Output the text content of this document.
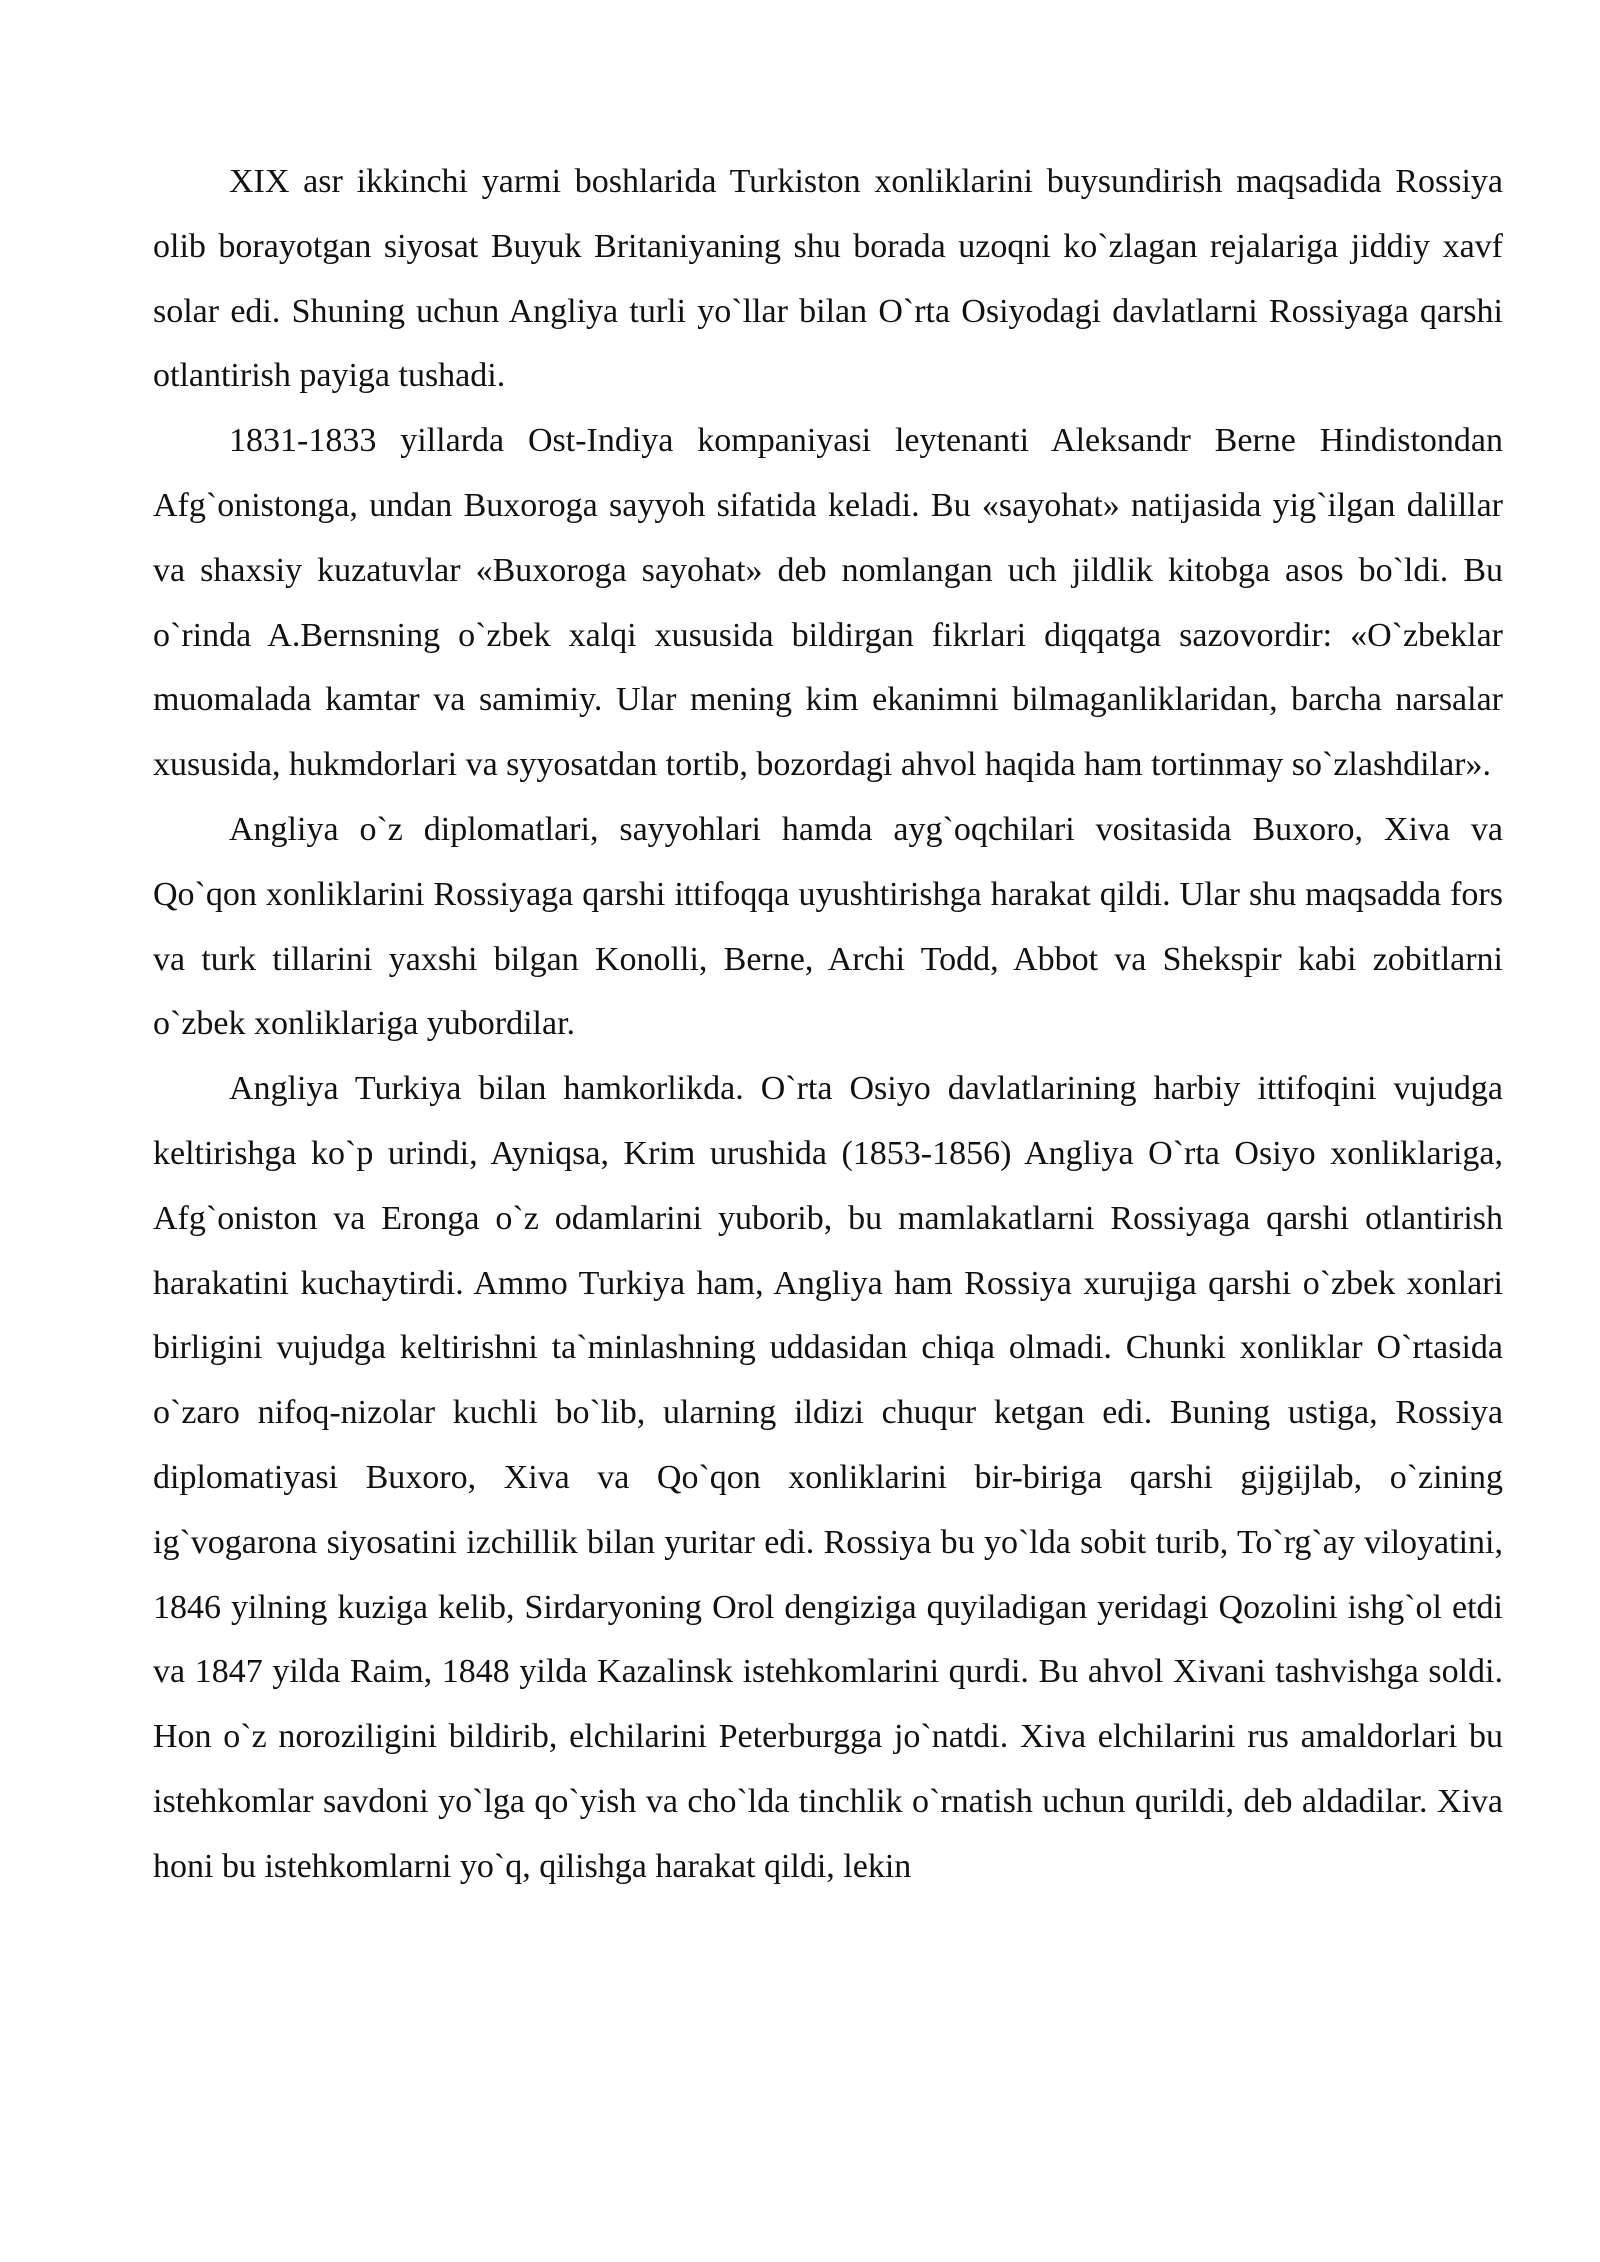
XIX asr ikkinchi yarmi boshlarida Turkiston xonliklarini buysundirish maqsadida Rossiya olib borayotgan siyosat Buyuk Britaniyaning shu borada uzoqni ko`zlagan rejalariga jiddiy xavf solar edi. Shuning uchun Angliya turli yo`llar bilan O`rta Osiyodagi davlatlarni Rossiyaga qarshi otlantirish payiga tushadi.

1831-1833 yillarda Ost-Indiya kompaniyasi leytenanti Aleksandr Berne Hindistondan Afg`onistonga, undan Buxoroga sayyoh sifatida keladi. Bu «sayohat» natijasida yig`ilgan dalillar va shaxsiy kuzatuvlar «Buxoroga sayohat» deb nomlangan uch jildlik kitobga asos bo`ldi. Bu o`rinda A.Bernsning o`zbek xalqi xususida bildirgan fikrlari diqqatga sazovordir: «O`zbeklar muomalada kamtar va samimiy. Ular mening kim ekanimni bilmaganliklaridan, barcha narsalar xususida, hukmdorlari va syyosatdan tortib, bozordagi ahvol haqida ham tortinmay so`zlashdilar».

Angliya o`z diplomatlari, sayyohlari hamda ayg`oqchilari vositasida Buxoro, Xiva va Qo`qon xonliklarini Rossiyaga qarshi ittifoqqa uyushtirishga harakat qildi. Ular shu maqsadda fors va turk tillarini yaxshi bilgan Konolli, Berne, Archi Todd, Abbot va Shekspir kabi zobitlarni o`zbek xonliklariga yubordilar.

Angliya Turkiya bilan hamkorlikda. O`rta Osiyo davlatlarining harbiy ittifoqini vujudga keltirishga ko`p urindi, Ayniqsa, Krim urushida (1853-1856) Angliya O`rta Osiyo xonliklariga, Afg`oniston va Eronga o`z odamlarini yuborib, bu mamlakatlarni Rossiyaga qarshi otlantirish harakatini kuchaytirdi. Ammo Turkiya ham, Angliya ham Rossiya xurujiga qarshi o`zbek xonlari birligini vujudga keltirishni ta`minlashning uddasidan chiqa olmadi. Chunki xonliklar O`rtasida o`zaro nifoq-nizolar kuchli bo`lib, ularning ildizi chuqur ketgan edi. Buning ustiga, Rossiya diplomatiyasi Buxoro, Xiva va Qo`qon xonliklarini bir-biriga qarshi gijgijlab, o`zining ig`vogarona siyosatini izchillik bilan yuritar edi. Rossiya bu yo`lda sobit turib, To`rg`ay viloyatini, 1846 yilning kuziga kelib, Sirdaryoning Orol dengiziga quyiladigan yeridagi Qozolini ishg`ol etdi va 1847 yilda Raim, 1848 yilda Kazalinsk istehkomlarini qurdi. Bu ahvol Xivani tashvishga soldi. Hon o`z noroziligini bildirib, elchilarini Peterburgga jo`natdi. Xiva elchilarini rus amaldorlari bu istehkomlar savdoni yo`lga qo`yish va cho`lda tinchlik o`rnatish uchun qurildi, deb aldadilar. Xiva honi bu istehkomlarni yo`q, qilishga harakat qildi, lekin
